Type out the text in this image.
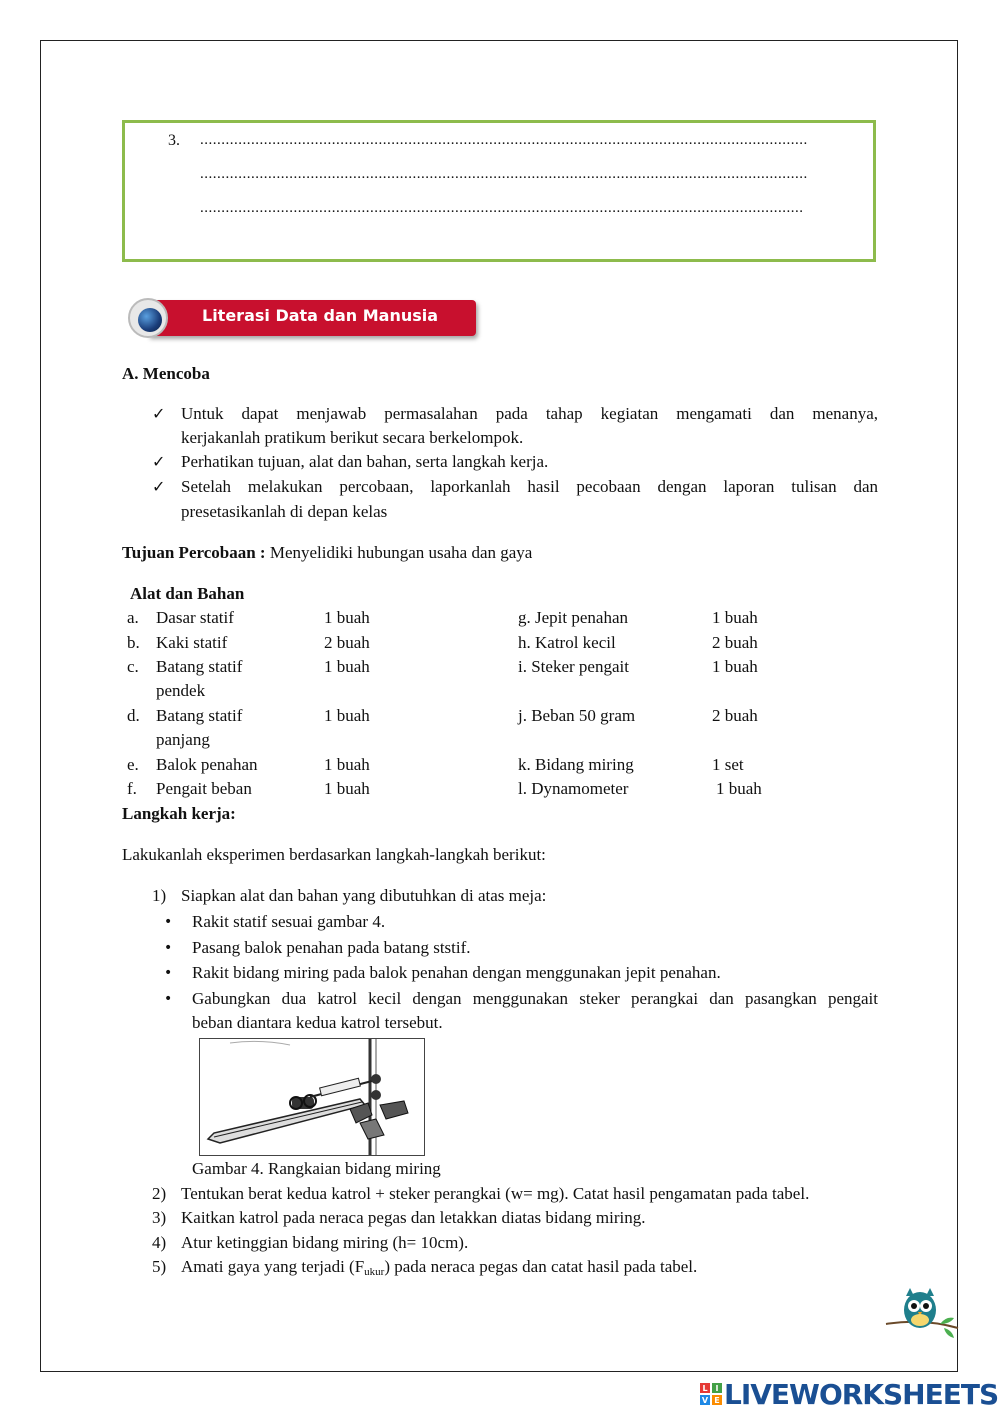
3. ...............................................................................................................................................
...............................................................................................................................................
..............................................................................................................................................
Literasi Data dan Manusia
A. Mencoba
✓ Untuk dapat menjawab permasalahan pada tahap kegiatan mengamati dan menanya,
kerjakanlah pratikum berikut secara berkelompok.
✓ Perhatikan tujuan, alat dan bahan, serta langkah kerja.
✓ Setelah melakukan percobaan, laporkanlah hasil pecobaan dengan laporan tulisan dan
presetasikanlah di depan kelas
Tujuan Percobaan : Menyelidiki hubungan usaha dan gaya
Alat dan Bahan
a. Dasar statif	1 buah	g. Jepit penahan	1 buah
b. Kaki statif	2 buah	h. Katrol kecil	2 buah
c. Batang statif
pendek
1 buah	i. Steker pengait	1 buah
d. Batang statif
panjang
1 buah	j. Beban 50 gram	2 buah
e. Balok penahan	1 buah	k. Bidang miring	1 set
f. Pengait beban	1 buah	l. Dynamometer	1 buah
Langkah kerja:
Lakukanlah eksperimen berdasarkan langkah-langkah berikut:
1) Siapkan alat dan bahan yang dibutuhkan di atas meja:
• Rakit statif sesuai gambar 4.
• Pasang balok penahan pada batang ststif.
• Rakit bidang miring pada balok penahan dengan menggunakan jepit penahan.
• Gabungkan dua katrol kecil dengan menggunakan steker perangkai dan pasangkan pengait
beban diantara kedua katrol tersebut.
Gambar 4. Rangkaian bidang miring
2) Tentukan berat kedua katrol + steker perangkai (w= mg). Catat hasil pengamatan pada tabel.
3) Kaitkan katrol pada neraca pegas dan letakkan diatas bidang miring.
4) Atur ketinggian bidang miring (h= 10cm).
5) Amati gaya yang terjadi $(F_{ukur})$ pada neraca pegas dan catat hasil pada tabel.
L I
V E LIVEWORKSHEETS
